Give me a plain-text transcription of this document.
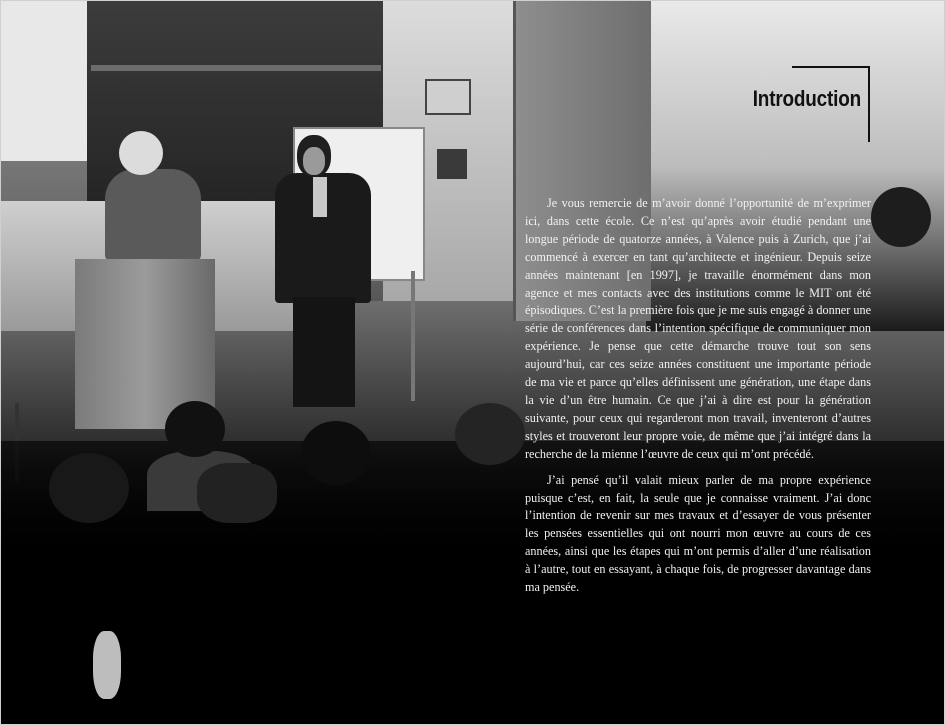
Introduction

Je vous remercie de m’avoir donné l’opportunité de m’exprimer ici, dans cette école. Ce n’est qu’après avoir étudié pendant une longue période de quatorze années, à Valence puis à Zurich, que j’ai commencé à exercer en tant qu’architecte et ingénieur. Depuis seize années maintenant [en 1997], je travaille énormément dans mon agence et mes contacts avec des institutions comme le MIT ont été épisodiques. C’est la première fois que je me suis engagé à donner une série de conférences dans l’intention spécifique de communiquer mon expérience. Je pense que cette démarche trouve tout son sens aujourd’hui, car ces seize années constituent une importante période de ma vie et parce qu’elles définissent une génération, une étape dans la vie d’un être humain. Ce que j’ai à dire est pour la génération suivante, pour ceux qui regarderont mon travail, inventeront d’autres styles et trouveront leur propre voie, de même que j’ai intégré dans la recherche de la mienne l’œuvre de ceux qui m’ont précédé.

J’ai pensé qu’il valait mieux parler de ma propre expérience puisque c’est, en fait, la seule que je connaisse vraiment. J’ai donc l’intention de revenir sur mes travaux et d’essayer de vous présenter les pensées essentielles qui ont nourri mon œuvre au cours de ces années, ainsi que les étapes qui m’ont permis d’aller d’une réalisation à l’autre, tout en essayant, à chaque fois, de progresser davantage dans ma pensée.
